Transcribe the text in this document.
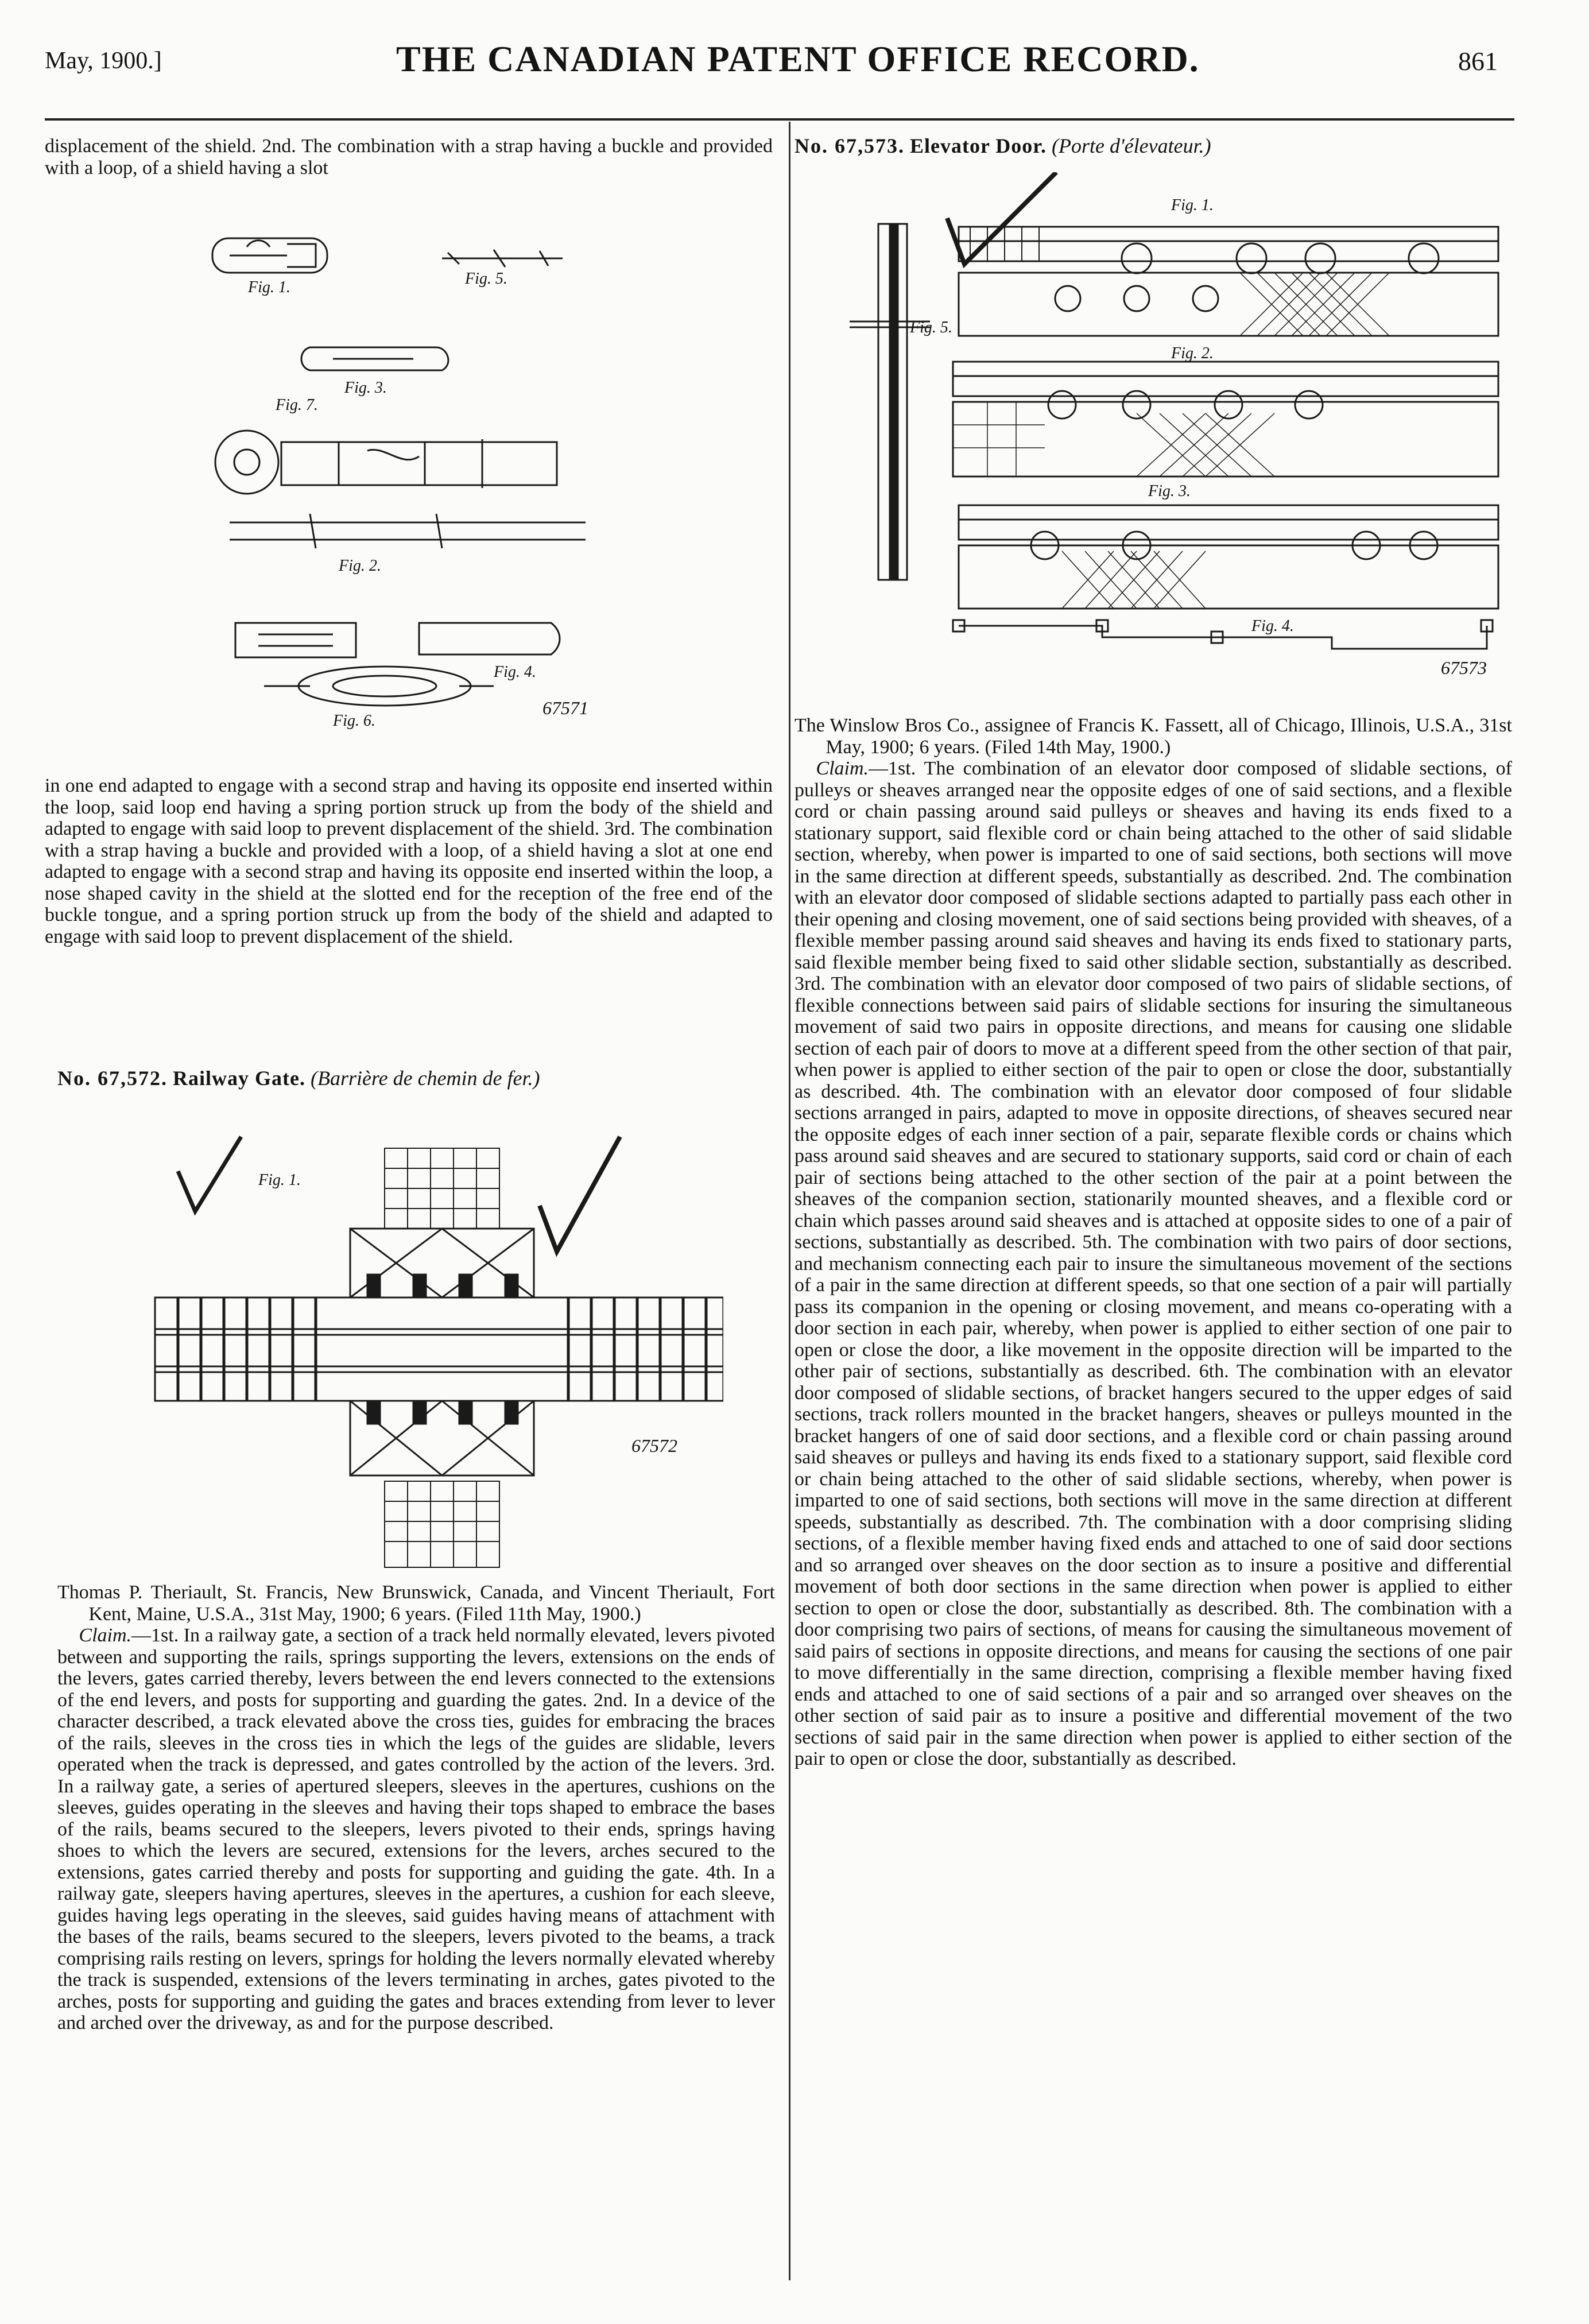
May, 1900.]	THE CANADIAN PATENT OFFICE RECORD.	861

displacement of the shield. 2nd. The combination with a strap having a buckle and provided with a loop, of a shield having a slot

Fig. 1.
Fig. 3.
Fig. 2.
Fig. 5.
Fig. 4.
Fig. 6.
Fig. 7.
67571

in one end adapted to engage with a second strap and having its opposite end inserted within the loop, said loop end having a spring portion struck up from the body of the shield and adapted to engage with said loop to prevent displacement of the shield. 3rd. The combination with a strap having a buckle and provided with a loop, of a shield having a slot at one end adapted to engage with a second strap and having its opposite end inserted within the loop, a nose shaped cavity in the shield at the slotted end for the reception of the free end of the buckle tongue, and a spring portion struck up from the body of the shield and adapted to engage with said loop to prevent displacement of the shield.

No. 67,572. Railway Gate. (Barrière de chemin de fer.)
Fig. 1.
67572

Thomas P. Theriault, St. Francis, New Brunswick, Canada, and Vincent Theriault, Fort Kent, Maine, U.S.A., 31st May, 1900; 6 years. (Filed 11th May, 1900.)

Claim.—1st. In a railway gate, a section of a track held normally elevated, levers pivoted between and supporting the rails, springs supporting the levers, extensions on the ends of the levers, gates carried thereby, levers between the end levers connected to the extensions of the end levers, and posts for supporting and guarding the gates. 2nd. In a device of the character described, a track elevated above the cross ties, guides for embracing the braces of the rails, sleeves in the cross ties in which the legs of the guides are slidable, levers operated when the track is depressed, and gates controlled by the action of the levers. 3rd. In a railway gate, a series of apertured sleepers, sleeves in the apertures, cushions on the sleeves, guides operating in the sleeves and having their tops shaped to embrace the bases of the rails, beams secured to the sleepers, levers pivoted to their ends, springs having shoes to which the levers are secured, extensions for the levers, arches secured to the extensions, gates carried thereby and posts for supporting and guiding the gate. 4th. In a railway gate, sleepers having apertures, sleeves in the apertures, a cushion for each sleeve, guides having legs operating in the sleeves, said guides having means of attachment with the bases of the rails, beams secured to the sleepers, levers pivoted to the beams, a track comprising rails resting on levers, springs for holding the levers normally elevated whereby the track is suspended, extensions of the levers terminating in arches, gates pivoted to the arches, posts for supporting and guiding the gates and braces extending from lever to lever and arched over the driveway, as and for the purpose described.

No. 67,573. Elevator Door. (Porte d'élevateur.)
Fig. 1.
Fig. 2.
Fig. 3.
Fig. 4.
Fig. 5.
67573

The Winslow Bros Co., assignee of Francis K. Fassett, all of Chicago, Illinois, U.S.A., 31st May, 1900; 6 years. (Filed 14th May, 1900.)

Claim.—1st. The combination of an elevator door composed of slidable sections, of pulleys or sheaves arranged near the opposite edges of one of said sections, and a flexible cord or chain passing around said pulleys or sheaves and having its ends fixed to a stationary support, said flexible cord or chain being attached to the other of said slidable section, whereby, when power is imparted to one of said sections, both sections will move in the same direction at different speeds, substantially as described. 2nd. The combination with an elevator door composed of slidable sections adapted to partially pass each other in their opening and closing movement, one of said sections being provided with sheaves, of a flexible member passing around said sheaves and having its ends fixed to stationary parts, said flexible member being fixed to said other slidable section, substantially as described. 3rd. The combination with an elevator door composed of two pairs of slidable sections, of flexible connections between said pairs of slidable sections for insuring the simultaneous movement of said two pairs in opposite directions, and means for causing one slidable section of each pair of doors to move at a different speed from the other section of that pair, when power is applied to either section of the pair to open or close the door, substantially as described. 4th. The combination with an elevator door composed of four slidable sections arranged in pairs, adapted to move in opposite directions, of sheaves secured near the opposite edges of each inner section of a pair, separate flexible cords or chains which pass around said sheaves and are secured to stationary supports, said cord or chain of each pair of sections being attached to the other section of the pair at a point between the sheaves of the companion section, stationarily mounted sheaves, and a flexible cord or chain which passes around said sheaves and is attached at opposite sides to one of a pair of sections, substantially as described. 5th. The combination with two pairs of door sections, and mechanism connecting each pair to insure the simultaneous movement of the sections of a pair in the same direction at different speeds, so that one section of a pair will partially pass its companion in the opening or closing movement, and means co-operating with a door section in each pair, whereby, when power is applied to either section of one pair to open or close the door, a like movement in the opposite direction will be imparted to the other pair of sections, substantially as described. 6th. The combination with an elevator door composed of slidable sections, of bracket hangers secured to the upper edges of said sections, track rollers mounted in the bracket hangers, sheaves or pulleys mounted in the bracket hangers of one of said door sections, and a flexible cord or chain passing around said sheaves or pulleys and having its ends fixed to a stationary support, said flexible cord or chain being attached to the other of said slidable sections, whereby, when power is imparted to one of said sections, both sections will move in the same direction at different speeds, substantially as described. 7th. The combination with a door comprising sliding sections, of a flexible member having fixed ends and attached to one of said door sections and so arranged over sheaves on the door section as to insure a positive and differential movement of both door sections in the same direction when power is applied to either section to open or close the door, substantially as described. 8th. The combination with a door comprising two pairs of sections, of means for causing the simultaneous movement of said pairs of sections in opposite directions, and means for causing the sections of one pair to move differentially in the same direction, comprising a flexible member having fixed ends and attached to one of said sections of a pair and so arranged over sheaves on the other section of said pair as to insure a positive and differential movement of the two sections of said pair in the same direction when power is applied to either section of the pair to open or close the door, substantially as described.
